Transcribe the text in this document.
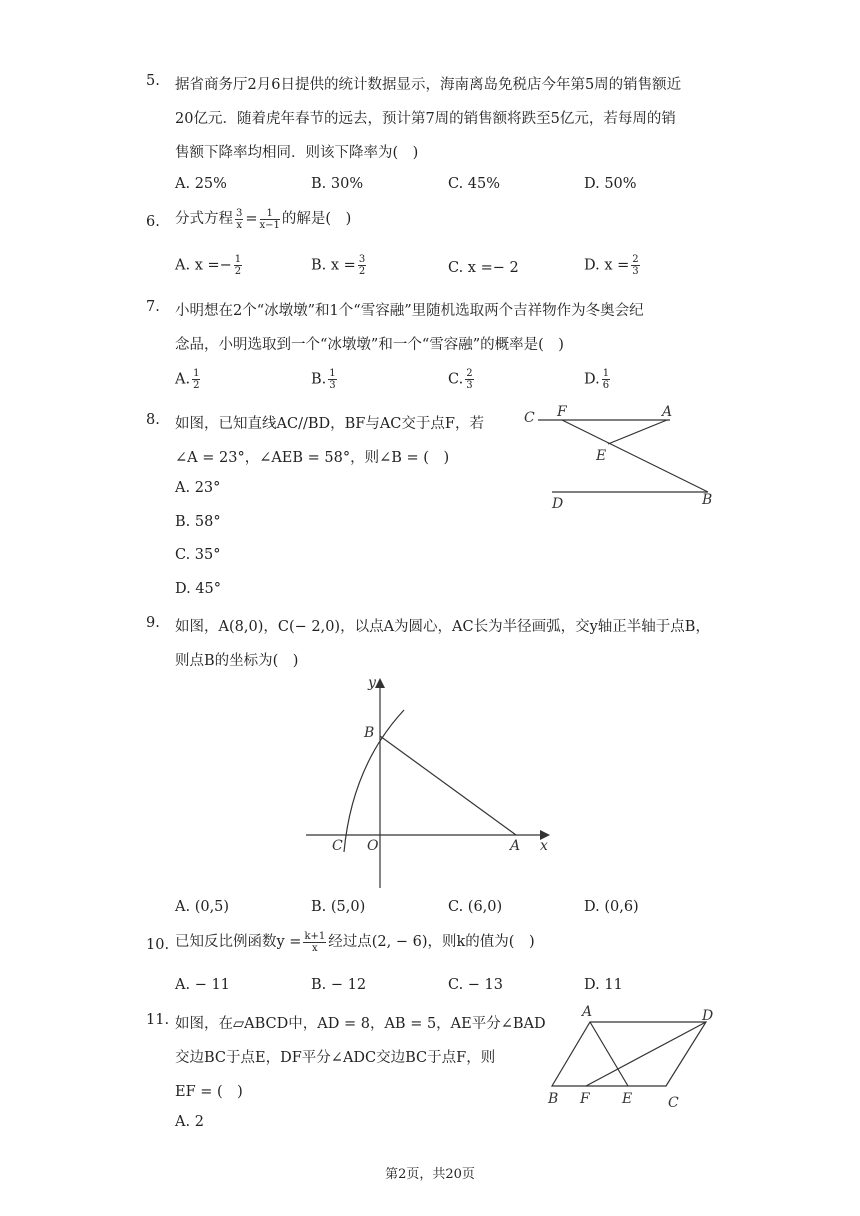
5. 据省商务厅2月6日提供的统计数据显示，海南离岛免税店今年第5周的销售额近
20亿元．随着虎年春节的远去，预计第7周的销售额将跌至5亿元，若每周的销
售额下降率均相同．则该下降率为(　)
A. 25%	B. 30%	C. 45%	D. 50%
6. 分式方程 $\frac{3}{x} = \frac{1}{x-1}$ 的解是(　)
A. $x =- \frac{1}{2}$	B. $x = \frac{3}{2}$	C. x =− 2	D. $x = \frac{2}{3}$
7. 小明想在2个“冰墩墩”和1个“雪容融”里随机选取两个吉祥物作为冬奥会纪
念品，小明选取到一个“冰墩墩”和一个“雪容融”的概率是(　)
A. $\frac{1}{2}$	B. $\frac{1}{3}$	C. $\frac{2}{3}$	D. $\frac{1}{6}$
8. 如图，已知直线AC//BD，BF与AC交于点F，若
∠A = 23°，∠AEB = 58°，则∠B = (　)
A. 23°
B. 58°
C. 35°
D. 45°
C F	A
E
D	B
9. 如图，A(8,0)，C(− 2,0)，以点A为圆心，AC长为半径画弧，交y轴正半轴于点B，
则点B的坐标为(　)
y
B
C O	A x
A. (0,5)	B. (5,0)	C. (6,0)	D. (0,6)
10. 已知反比例函数$y = \frac{k+1}{x}$ 经过点(2, − 6)，则k的值为(　)
A. − 11	B. − 12	C. − 13	D. 11
11. 如图，在▱ABCD中，AD = 8，AB = 5，AE平分∠BAD
交边BC于点E，DF平分∠ADC交边BC于点F，则
EF = (　)
A. 2
A	D
B F E	C
第2页，共20页
